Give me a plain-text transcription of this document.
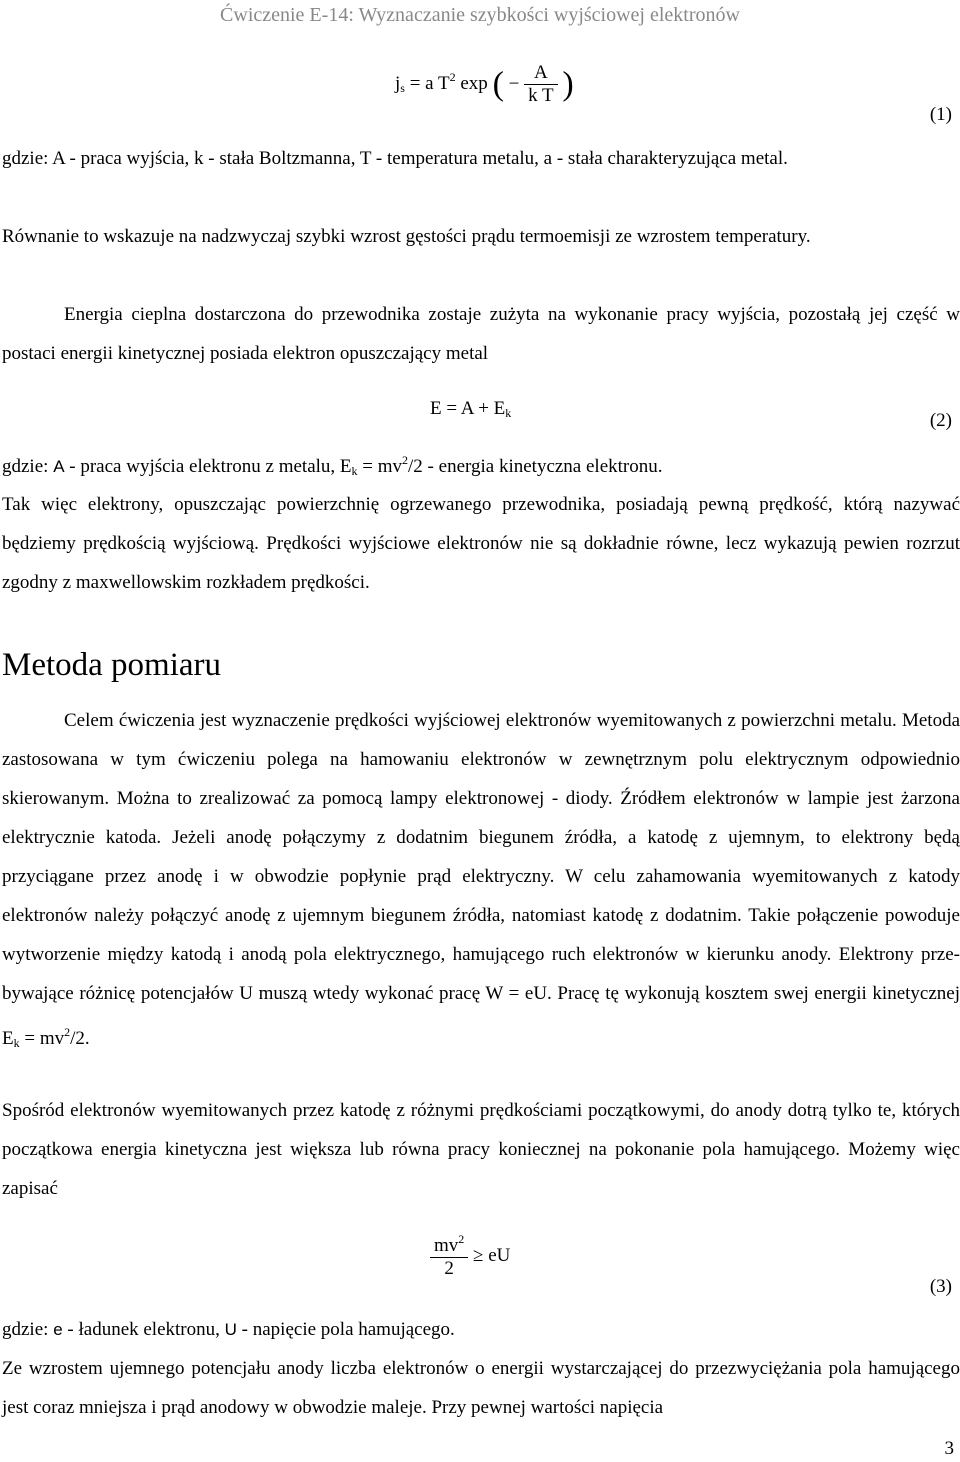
Ćwiczenie E-14: Wyznaczanie szybkości wyjściowej elektronów
$j_s = a$ $T^2$ exp ( − $\frac{A}{\text{k T}}$ )
(1)
gdzie: A - praca wyjścia, k - stała Boltzmanna, T - temperatura metalu, a - stała charakteryzująca metal.
Równanie to wskazuje na nadzwyczaj szybki wzrost gęstości prądu termoemisji ze wzrostem temperatury.
Energia cieplna dostarczona do przewodnika zostaje zużyta na wykonanie pracy wyjścia, pozostałą jej część w postaci energii kinetycznej posiada elektron opuszczający metal
$E = A + E_k$	(2)
gdzie: A - praca wyjścia elektronu z metalu, $E_k = mv^2/2$ - energia kinetyczna elektronu.
Tak więc elektrony, opuszczając powierzchnię ogrzewanego przewodnika, posiadają pewną prędkość, którą nazywać będziemy prędkością wyjściową. Prędkości wyjściowe elektronów nie są dokładnie równe, lecz wykazują pewien rozrzut zgodny z maxwellowskim rozkładem prędkości.
Metoda pomiaru
Celem ćwiczenia jest wyznaczenie prędkości wyjściowej elektronów wyemitowanych z powierzchni metalu. Metoda zastosowana w tym ćwiczeniu polega na hamowaniu elektronów w zewnętrznym polu elektrycznym odpowiednio skierowanym. Można to zrealizować za pomocą lampy elektronowej - diody. Źródłem elektronów w lampie jest żarzona elektrycznie katoda. Jeżeli anodę połączymy z dodatnim biegunem źródła, a katodę z ujemnym, to elektrony będą przyciągane przez anodę i w obwodzie popłynie prąd elektryczny. W celu zahamowania wyemitowanych z katody elektronów należy połączyć anodę z ujemnym biegunem źródła, natomiast katodę z dodatnim. Takie połączenie powoduje wytworzenie między katodą i anodą pola elektrycznego, hamującego ruch elektronów w kierunku anody. Elektrony prze- bywające różnicę potencjałów U muszą wtedy wykonać pracę W = eU. Pracę tę wykonują kosztem swej energii kinetycznej $E_k = mv^2/2$.
Spośród elektronów wyemitowanych przez katodę z różnymi prędkościami początkowymi, do anody dotrą tylko te, których początkowa energia kinetyczna jest większa lub równa pracy koniecznej na pokonanie pola hamującego. Możemy więc zapisać
$\frac{mv^2}{2}$ ≥ eU
(3)
gdzie: e - ładunek elektronu, U - napięcie pola hamującego.
Ze wzrostem ujemnego potencjału anody liczba elektronów o energii wystarczającej do przezwyciężania pola hamującego jest coraz mniejsza i prąd anodowy w obwodzie maleje. Przy pewnej wartości napięcia
3
